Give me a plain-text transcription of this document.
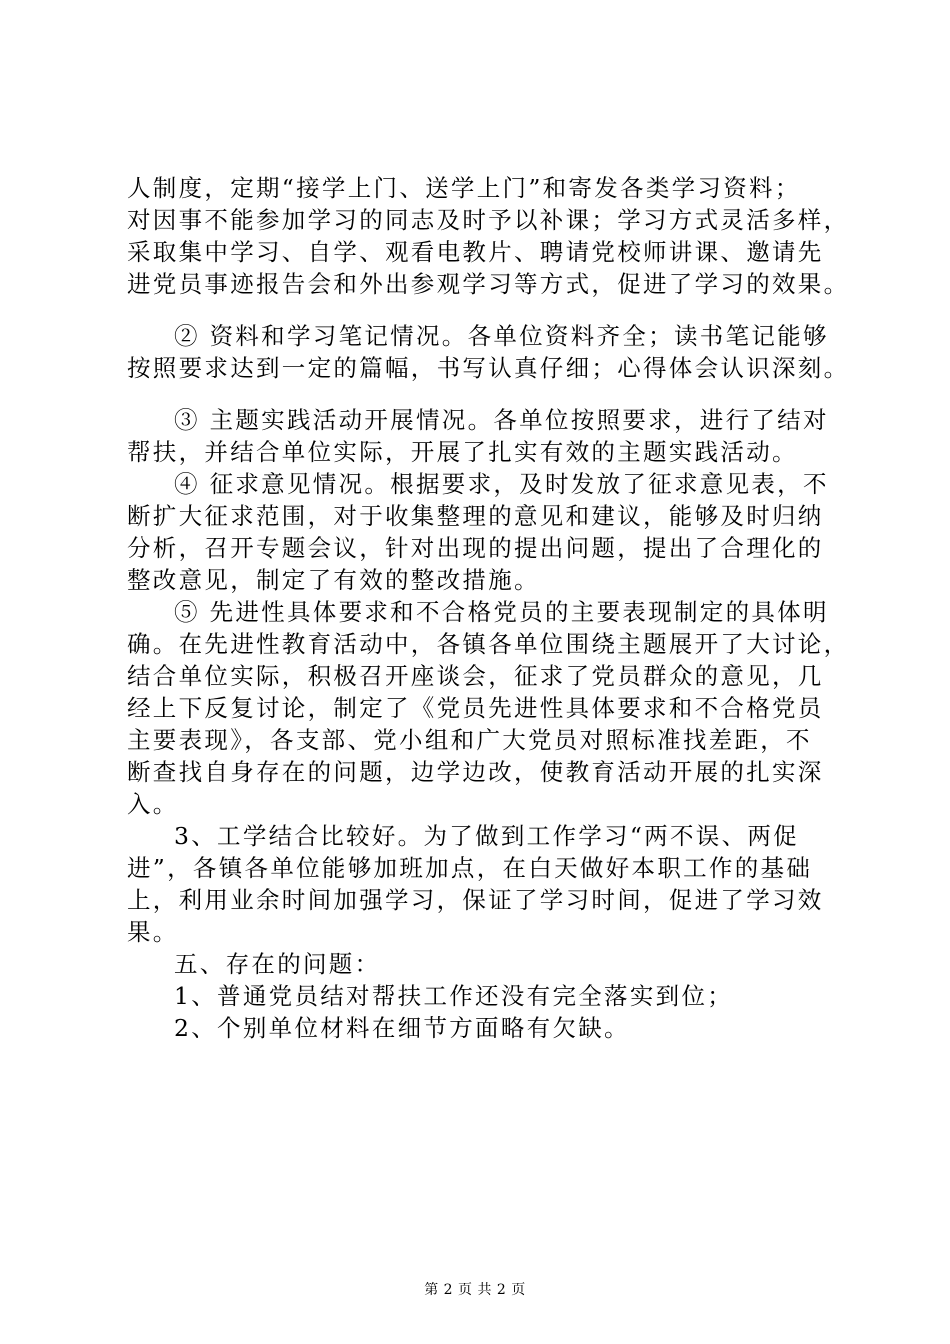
人制度，定期“接学上门、送学上门”和寄发各类学习资料；
对因事不能参加学习的同志及时予以补课；学习方式灵活多样，
采取集中学习、自学、观看电教片、聘请党校师讲课、邀请先
进党员事迹报告会和外出参观学习等方式，促进了学习的效果。
② 资料和学习笔记情况。各单位资料齐全；读书笔记能够
按照要求达到一定的篇幅，书写认真仔细；心得体会认识深刻。
③ 主题实践活动开展情况。各单位按照要求，进行了结对
帮扶，并结合单位实际，开展了扎实有效的主题实践活动。
④ 征求意见情况。根据要求，及时发放了征求意见表，不
断扩大征求范围，对于收集整理的意见和建议，能够及时归纳
分析，召开专题会议，针对出现的提出问题，提出了合理化的
整改意见，制定了有效的整改措施。
⑤ 先进性具体要求和不合格党员的主要表现制定的具体明
确。在先进性教育活动中，各镇各单位围绕主题展开了大讨论，
结合单位实际，积极召开座谈会，征求了党员群众的意见，几
经上下反复讨论，制定了《党员先进性具体要求和不合格党员
主要表现》，各支部、党小组和广大党员对照标准找差距，不
断查找自身存在的问题，边学边改，使教育活动开展的扎实深
入。
3、工学结合比较好。为了做到工作学习“两不误、两促
进”，各镇各单位能够加班加点，在白天做好本职工作的基础
上，利用业余时间加强学习，保证了学习时间，促进了学习效
果。
五、存在的问题：
1、普通党员结对帮扶工作还没有完全落实到位；
2、个别单位材料在细节方面略有欠缺。
第 2 页 共 2 页
